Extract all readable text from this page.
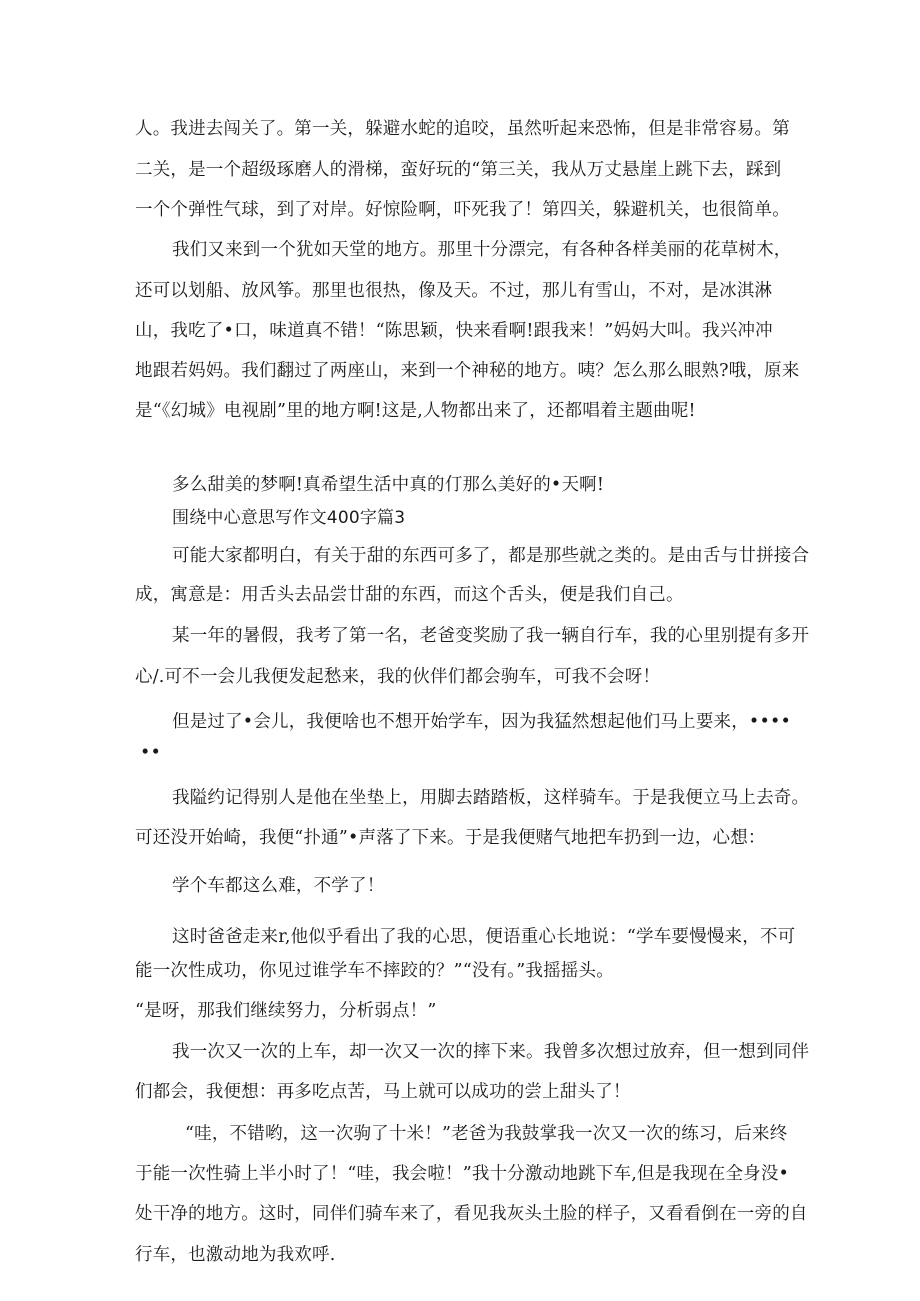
人。我进去闯关了。第一关，躲避水蛇的追咬，虽然听起来恐怖，但是非常容易。第
二关，是一个超级琢磨人的滑梯，蛮好玩的“第三关，我从万丈悬崖上跳下去，踩到
一个个弹性气球，到了对岸。好惊险啊，吓死我了！第四关，躲避机关，也很简单。
我们又来到一个犹如天堂的地方。那里十分漂完，有各种各样美丽的花草树木，
还可以划船、放风筝。那里也很热，像及天。不过，那儿有雪山，不对，是冰淇淋
山，我吃了•口，味道真不错！“陈思颖，快来看啊!跟我来！”妈妈大叫。我兴冲冲
地跟若妈妈。我们翻过了两座山，来到一个神秘的地方。咦？怎么那么眼熟?哦，原来
是“《幻城》电视剧”里的地方啊!这是,人物都出来了，还都唱着主题曲呢!
多么甜美的梦啊!真希望生活中真的仃那么美好的•天啊!
围绕中心意思写作文400字篇3
可能大家都明白，有关于甜的东西可多了，都是那些就之类的。是由舌与廿拼接合
成，寓意是：用舌头去品尝廿甜的东西，而这个舌头，便是我们自己。
某一年的暑假，我考了第一名，老爸变奖励了我一辆自行车，我的心里别提有多开
心/.可不一会儿我便发起愁来，我的伙伴们都会驹车，可我不会呀！
但是过了•会儿，我便啥也不想开始学车，因为我猛然想起他们马上要来，••••
••
我隘约记得别人是他在坐垫上，用脚去踏踏板，这样骑车。于是我便立马上去奇。
可还没开始崎，我便“扑通”•声落了下来。于是我便赌气地把车扔到一边，心想：
学个车都这么难，不学了！
这时爸爸走来r,他似乎看出了我的心思，便语重心长地说：“学车要慢慢来，不可
能一次性成功，你见过谁学车不摔跤的？”“没有。”我摇摇头。
“是呀，那我们继续努力，分析弱点！”
我一次又一次的上车，却一次又一次的摔下来。我曾多次想过放弃，但一想到同伴
们都会，我便想：再多吃点苦，马上就可以成功的尝上甜头了！
“哇，不错哟，这一次驹了十米！”老爸为我鼓掌我一次又一次的练习，后来终
于能一次性骑上半小时了！“哇，我会啦！”我十分激动地跳下车,但是我现在全身没•
处干净的地方。这时，同伴们骑车来了，看见我灰头土脸的样子，又看看倒在一旁的自
行车，也激动地为我欢呼.
